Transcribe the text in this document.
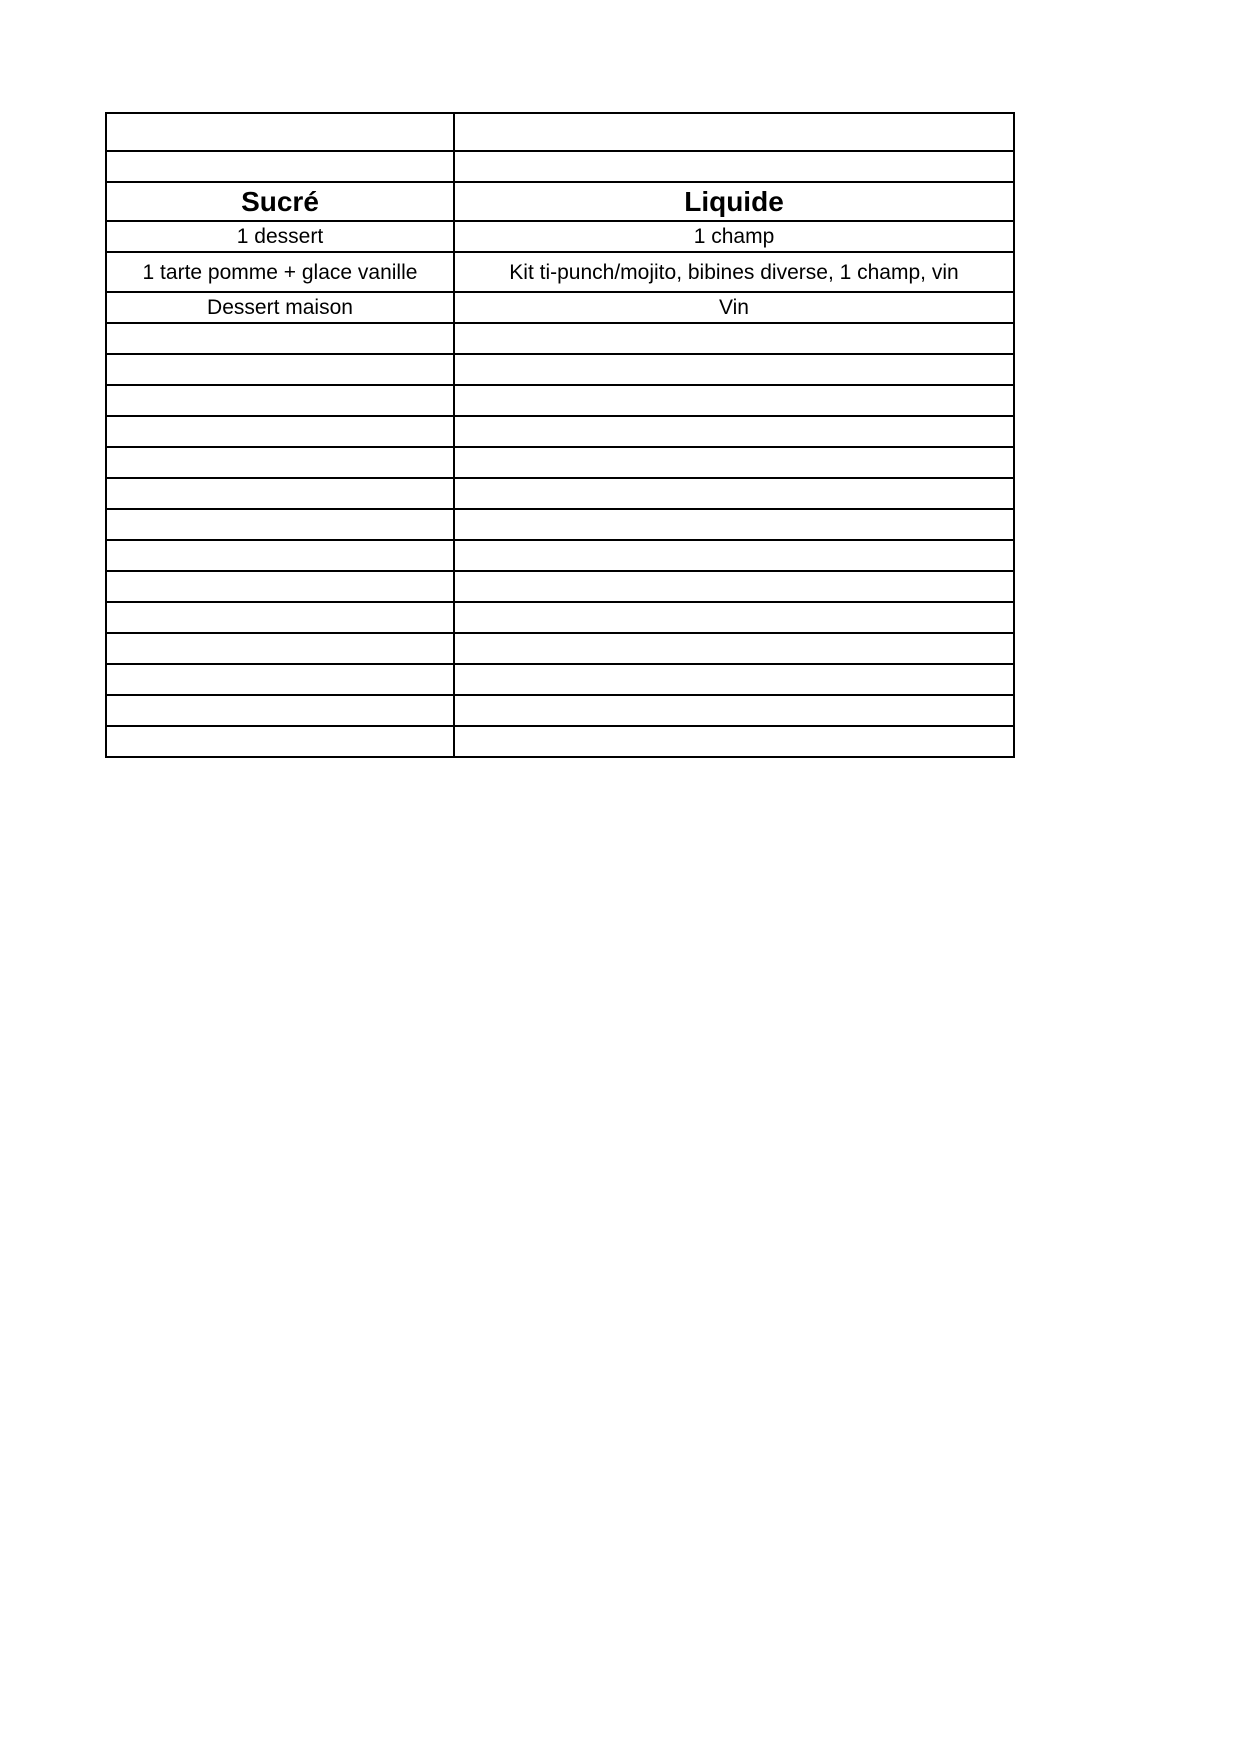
Sucré	Liquide
1 dessert	1 champ
1 tarte pomme + glace vanille	Kit ti-punch/mojito, bibines diverse, 1 champ, vin
Dessert maison	Vin
